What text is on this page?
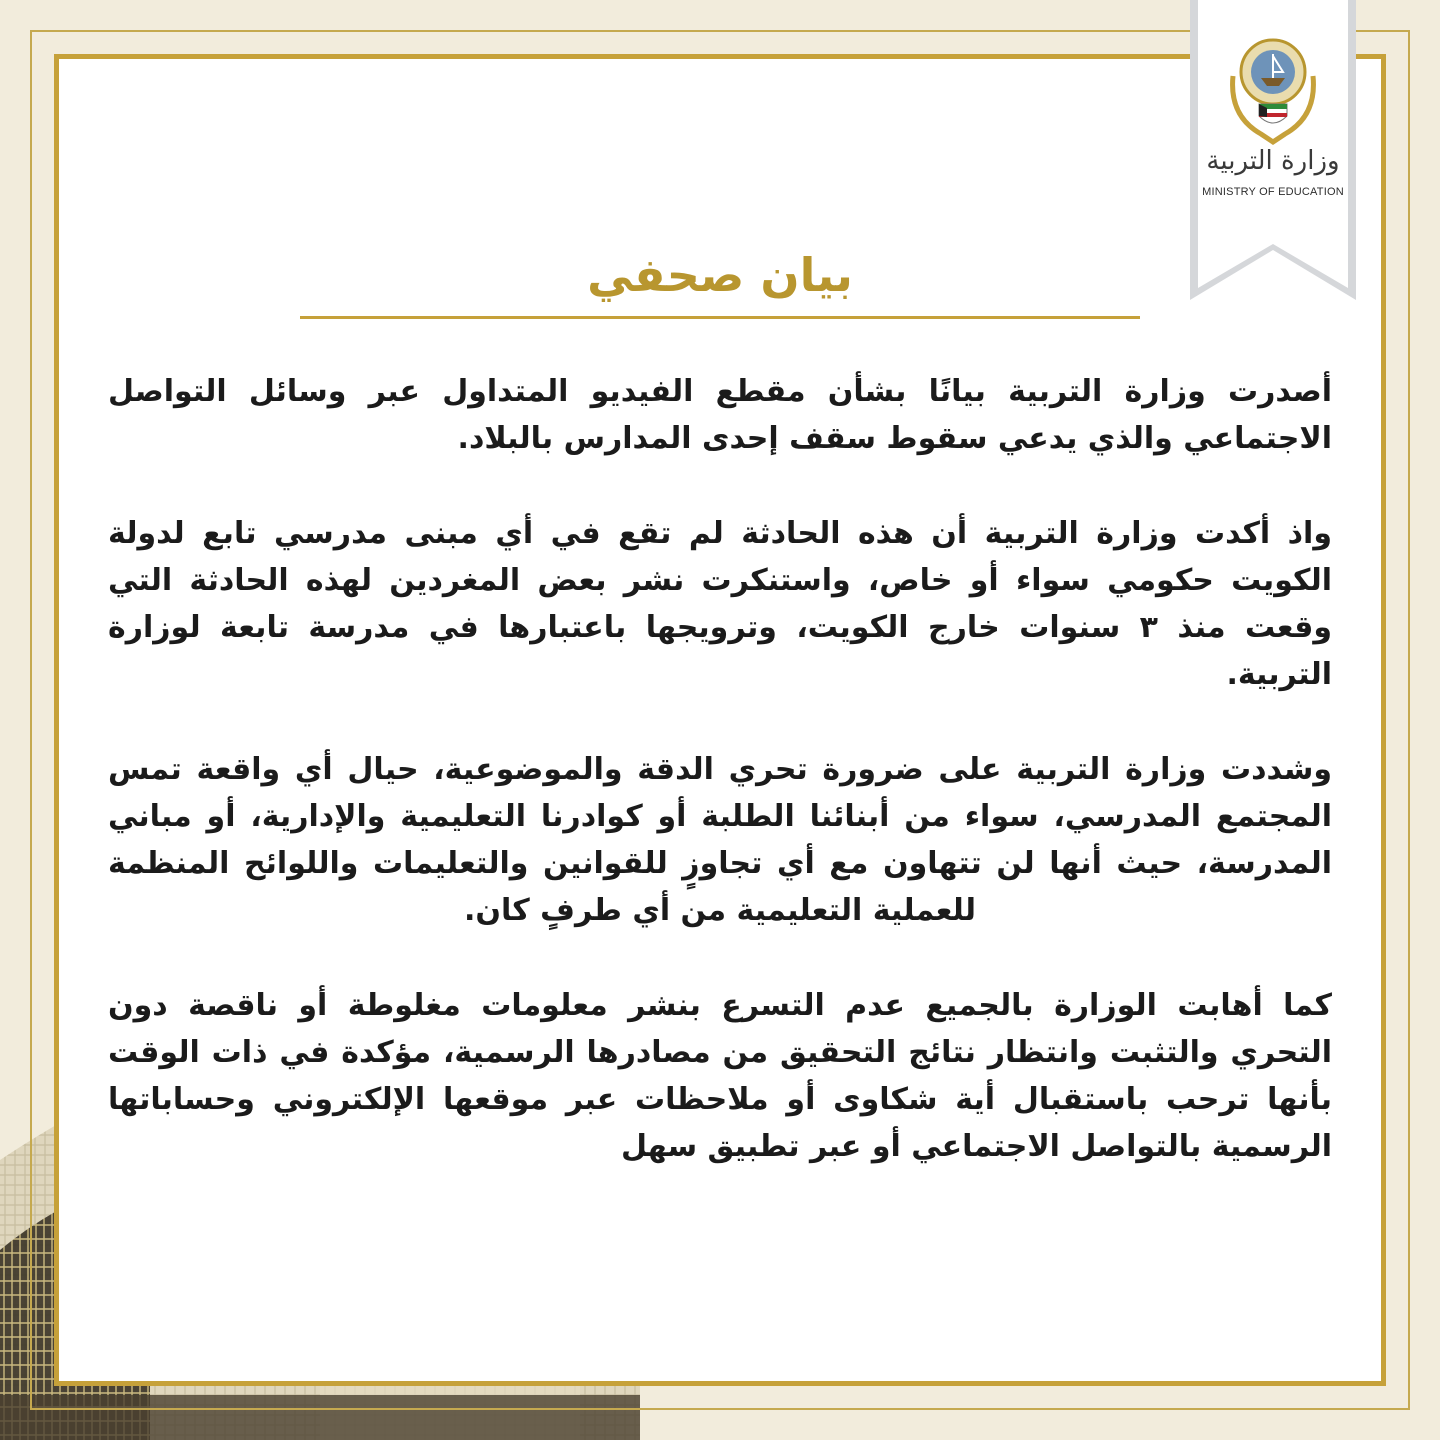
وزارة التربية
MINISTRY OF EDUCATION
بيان صحفي

أصدرت وزارة التربية بيانًا بشأن مقطع الفيديو المتداول عبر وسائل التواصل الاجتماعي والذي يدعي سقوط سقف إحدى المدارس بالبلاد.

واذ أكدت وزارة التربية أن هذه الحادثة لم تقع في أي مبنى مدرسي تابع لدولة الكويت حكومي سواء أو خاص، واستنكرت نشر بعض المغردين لهذه الحادثة التي وقعت منذ ٣ سنوات خارج الكويت، وترويجها باعتبارها في مدرسة تابعة لوزارة التربية.

وشددت وزارة التربية على ضرورة تحري الدقة والموضوعية، حيال أي واقعة تمس المجتمع المدرسي، سواء من أبنائنا الطلبة أو كوادرنا التعليمية والإدارية، أو مباني المدرسة، حيث أنها لن تتهاون مع أي تجاوزٍ للقوانين والتعليمات واللوائح المنظمة للعملية التعليمية من أي طرفٍ كان.

كما أهابت الوزارة بالجميع عدم التسرع بنشر معلومات مغلوطة أو ناقصة دون التحري والتثبت وانتظار نتائج التحقيق من مصادرها الرسمية، مؤكدة في ذات الوقت بأنها ترحب باستقبال أية شكاوى أو ملاحظات عبر موقعها الإلكتروني وحساباتها الرسمية بالتواصل الاجتماعي أو عبر تطبيق سهل
